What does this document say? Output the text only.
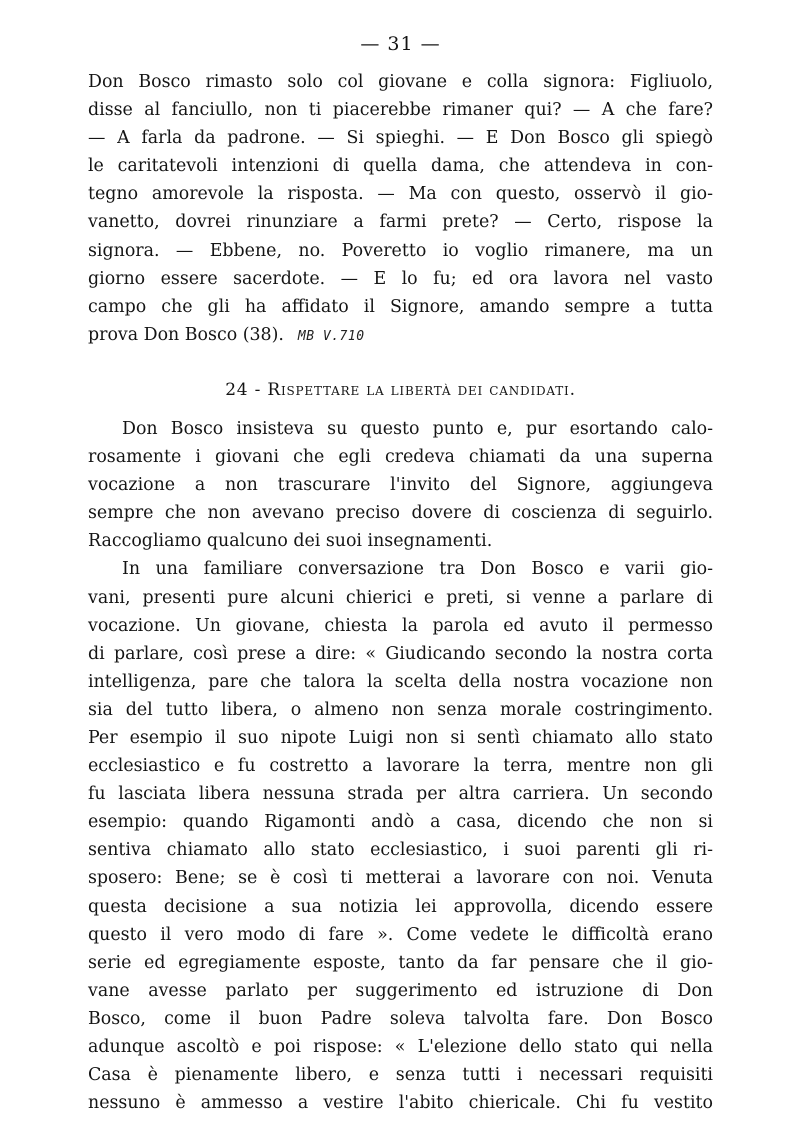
— 31 —
Don Bosco rimasto solo col giovane e colla signora: Figliuolo,
disse al fanciullo, non ti piacerebbe rimaner qui? — A che fare?
— A farla da padrone. — Si spieghi. — E Don Bosco gli spiegò
le caritatevoli intenzioni di quella dama, che attendeva in con-
tegno amorevole la risposta. — Ma con questo, osservò il gio-
vanetto, dovrei rinunziare a farmi prete? — Certo, rispose la
signora. — Ebbene, no. Poveretto io voglio rimanere, ma un
giorno essere sacerdote. — E lo fu; ed ora lavora nel vasto
campo che gli ha affidato il Signore, amando sempre a tutta
prova Don Bosco (38). MB V.710
24 - Rispettare la libertà dei candidati.
Don Bosco insisteva su questo punto e, pur esortando calo-
rosamente i giovani che egli credeva chiamati da una superna
vocazione a non trascurare l'invito del Signore, aggiungeva
sempre che non avevano preciso dovere di coscienza di seguirlo.
Raccogliamo qualcuno dei suoi insegnamenti.
In una familiare conversazione tra Don Bosco e varii gio-
vani, presenti pure alcuni chierici e preti, si venne a parlare di
vocazione. Un giovane, chiesta la parola ed avuto il permesso
di parlare, così prese a dire: « Giudicando secondo la nostra corta
intelligenza, pare che talora la scelta della nostra vocazione non
sia del tutto libera, o almeno non senza morale costringimento.
Per esempio il suo nipote Luigi non si sentì chiamato allo stato
ecclesiastico e fu costretto a lavorare la terra, mentre non gli
fu lasciata libera nessuna strada per altra carriera. Un secondo
esempio: quando Rigamonti andò a casa, dicendo che non si
sentiva chiamato allo stato ecclesiastico, i suoi parenti gli ri-
sposero: Bene; se è così ti metterai a lavorare con noi. Venuta
questa decisione a sua notizia lei approvolla, dicendo essere
questo il vero modo di fare ». Come vedete le difficoltà erano
serie ed egregiamente esposte, tanto da far pensare che il gio-
vane avesse parlato per suggerimento ed istruzione di Don
Bosco, come il buon Padre soleva talvolta fare. Don Bosco
adunque ascoltò e poi rispose: « L'elezione dello stato qui nella
Casa è pienamente libero, e senza tutti i necessari requisiti
nessuno è ammesso a vestire l'abito chiericale. Chi fu vestito
